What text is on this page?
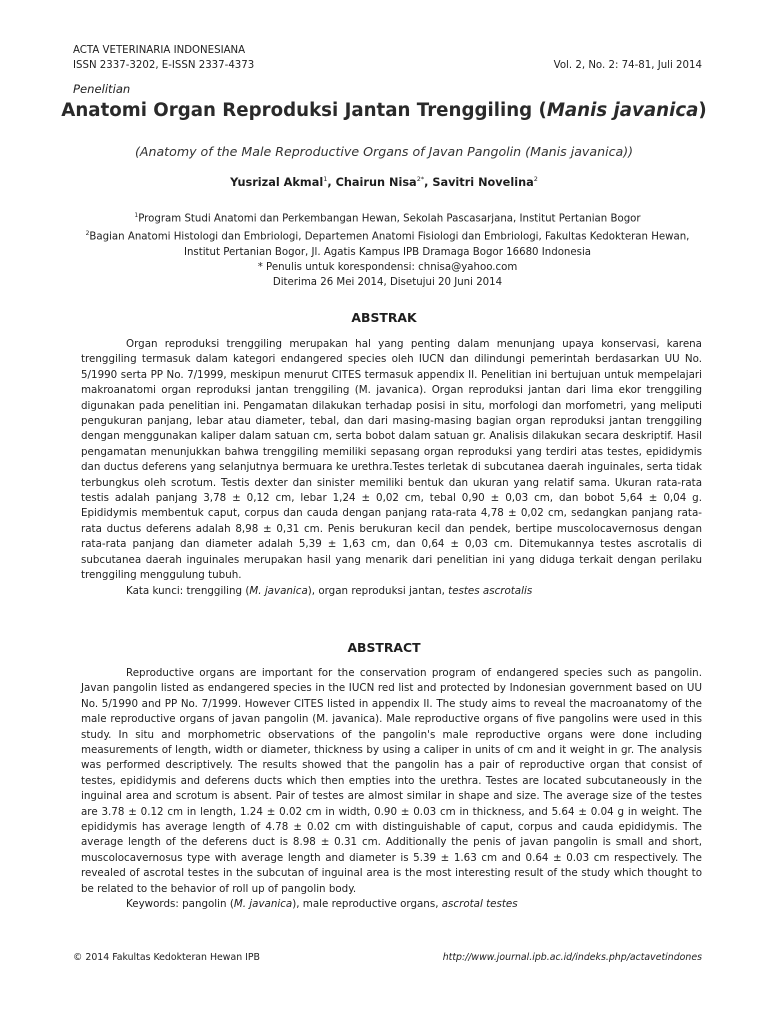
ACTA VETERINARIA INDONESIANA
ISSN 2337-3202, E-ISSN 2337-4373	Vol. 2, No. 2: 74-81, Juli 2014
Penelitian
Anatomi Organ Reproduksi Jantan Trenggiling (Manis javanica)
(Anatomy of the Male Reproductive Organs of Javan Pangolin (Manis javanica))
Yusrizal Akmal$^1$, Chairun Nisa$^{2*}$, Savitri Novelina$^2$
$^1$Program Studi Anatomi dan Perkembangan Hewan, Sekolah Pascasarjana, Institut Pertanian Bogor
$^2$Bagian Anatomi Histologi dan Embriologi, Departemen Anatomi Fisiologi dan Embriologi, Fakultas Kedokteran Hewan, Institut Pertanian Bogor, Jl. Agatis Kampus IPB Dramaga Bogor 16680 Indonesia
* Penulis untuk korespondensi: chnisa@yahoo.com
Diterima 26 Mei 2014, Disetujui 20 Juni 2014
ABSTRAK

Organ reproduksi trenggiling merupakan hal yang penting dalam menunjang upaya konservasi, karena trenggiling termasuk dalam kategori endangered species oleh IUCN dan dilindungi pemerintah berdasarkan UU No. 5/1990 serta PP No. 7/1999, meskipun menurut CITES termasuk appendix II. Penelitian ini bertujuan untuk mempelajari makroanatomi organ reproduksi jantan trenggiling (M. javanica). Organ reproduksi jantan dari lima ekor trenggiling digunakan pada penelitian ini. Pengamatan dilakukan terhadap posisi in situ, morfologi dan morfometri, yang meliputi pengukuran panjang, lebar atau diameter, tebal, dan dari masing-masing bagian organ reproduksi jantan trenggiling dengan menggunakan kaliper dalam satuan cm, serta bobot dalam satuan gr. Analisis dilakukan secara deskriptif. Hasil pengamatan menunjukkan bahwa trenggiling memiliki sepasang organ reproduksi yang terdiri atas testes, epididymis dan ductus deferens yang selanjutnya bermuara ke urethra.Testes terletak di subcutanea daerah inguinales, serta tidak terbungkus oleh scrotum. Testis dexter dan sinister memiliki bentuk dan ukuran yang relatif sama. Ukuran rata-rata testis adalah panjang 3,78 ± 0,12 cm, lebar 1,24 ± 0,02 cm, tebal 0,90 ± 0,03 cm, dan bobot 5,64 ± 0,04 g. Epididymis membentuk caput, corpus dan cauda dengan panjang rata-rata 4,78 ± 0,02 cm, sedangkan panjang rata-rata ductus deferens adalah 8,98 ± 0,31 cm. Penis berukuran kecil dan pendek, bertipe muscolocavernosus dengan rata-rata panjang dan diameter adalah 5,39 ± 1,63 cm, dan 0,64 ± 0,03 cm. Ditemukannya testes ascrotalis di subcutanea daerah inguinales merupakan hasil yang menarik dari penelitian ini yang diduga terkait dengan perilaku trenggiling menggulung tubuh.

Kata kunci: trenggiling (M. javanica), organ reproduksi jantan, testes ascrotalis

ABSTRACT

Reproductive organs are important for the conservation program of endangered species such as pangolin. Javan pangolin listed as endangered species in the IUCN red list and protected by Indonesian government based on UU No. 5/1990 and PP No. 7/1999. However CITES listed in appendix II. The study aims to reveal the macroanatomy of the male reproductive organs of javan pangolin (M. javanica). Male reproductive organs of five pangolins were used in this study. In situ and morphometric observations of the pangolin's male reproductive organs were done including measurements of length, width or diameter, thickness by using a caliper in units of cm and it weight in gr. The analysis was performed descriptively. The results showed that the pangolin has a pair of reproductive organ that consist of testes, epididymis and deferens ducts which then empties into the urethra. Testes are located subcutaneously in the inguinal area and scrotum is absent. Pair of testes are almost similar in shape and size. The average size of the testes are 3.78 ± 0.12 cm in length, 1.24 ± 0.02 cm in width, 0.90 ± 0.03 cm in thickness, and 5.64 ± 0.04 g in weight. The epididymis has average length of 4.78 ± 0.02 cm with distinguishable of caput, corpus and cauda epididymis. The average length of the deferens duct is 8.98 ± 0.31 cm. Additionally the penis of javan pangolin is small and short, muscolocavernosus type with average length and diameter is 5.39 ± 1.63 cm and 0.64 ± 0.03 cm respectively. The revealed of ascrotal testes in the subcutan of inguinal area is the most interesting result of the study which thought to be related to the behavior of roll up of pangolin body.

Keywords: pangolin (M. javanica), male reproductive organs, ascrotal testes

© 2014 Fakultas Kedokteran Hewan IPB	http://www.journal.ipb.ac.id/indeks.php/actavetindones
